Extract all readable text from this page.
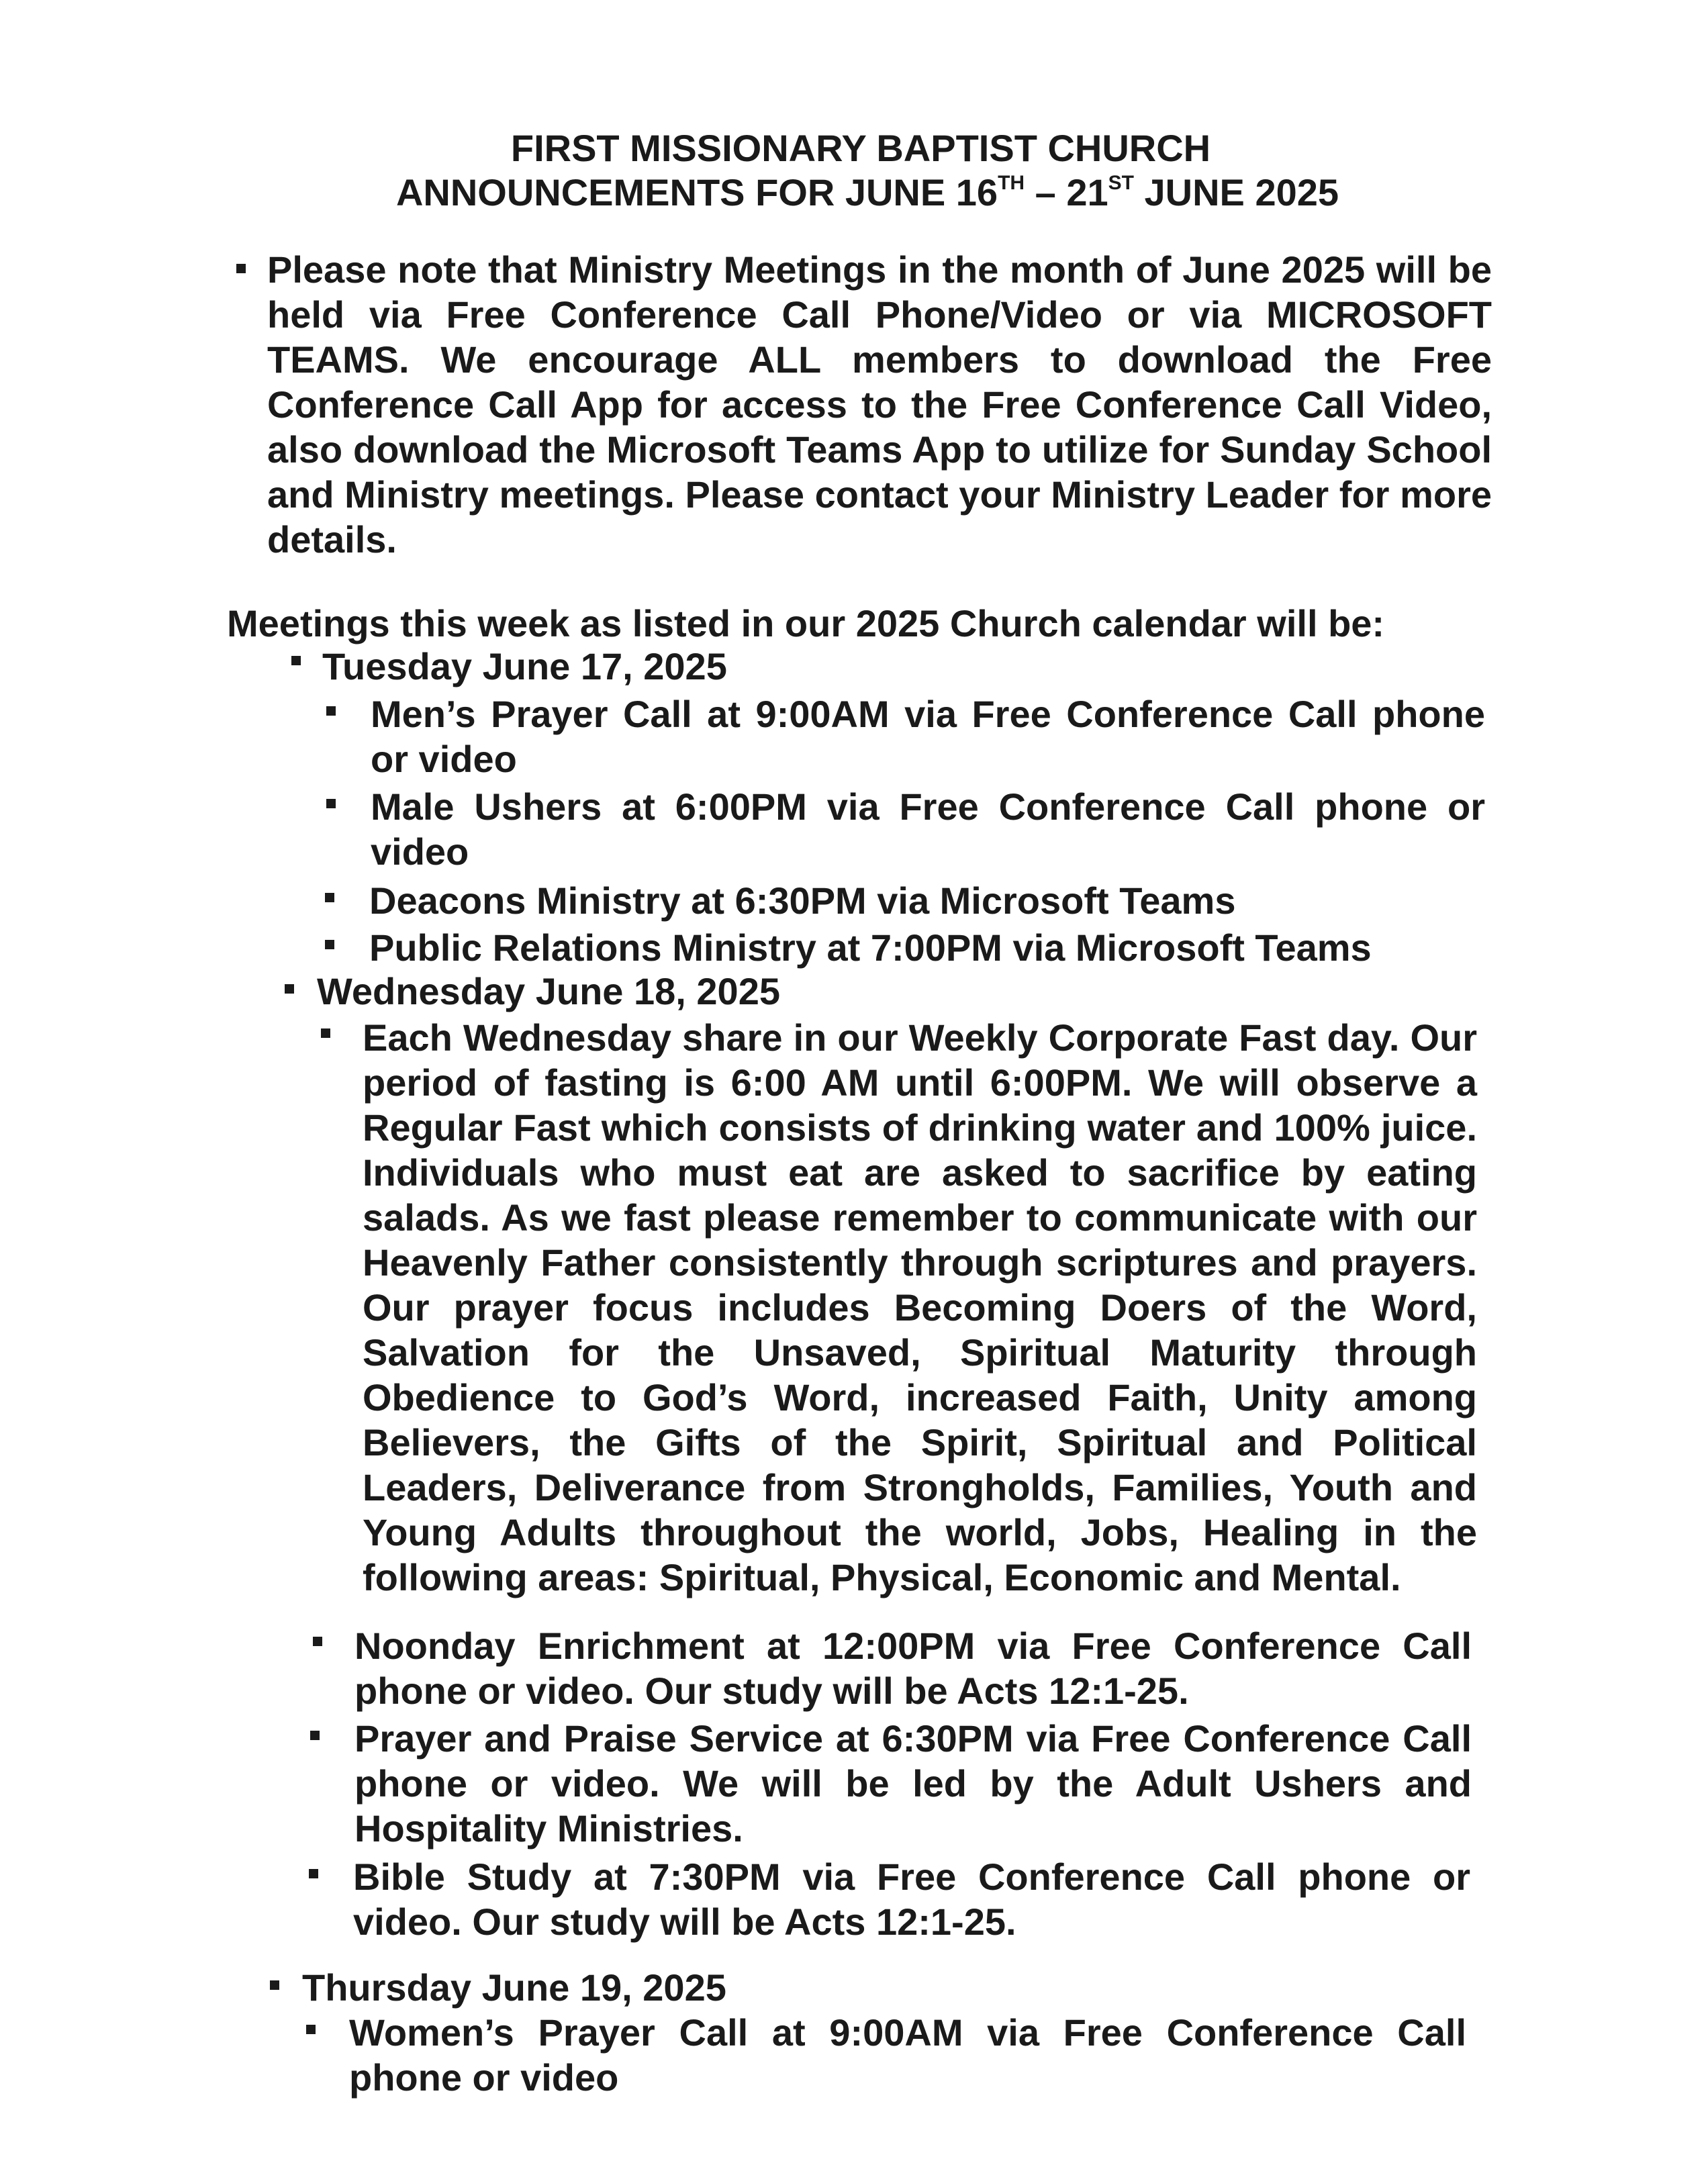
FIRST MISSIONARY BAPTIST CHURCH
ANNOUNCEMENTS FOR JUNE 16TH – 21ST JUNE 2025
Please note that Ministry Meetings in the month of June 2025 will be held via Free Conference Call Phone/Video or via MICROSOFT TEAMS. We encourage ALL members to download the Free Conference Call App for access to the Free Conference Call Video, also download the Microsoft Teams App to utilize for Sunday School and Ministry meetings. Please contact your Ministry Leader for more details.
Meetings this week as listed in our 2025 Church calendar will be:
Tuesday June 17, 2025
Men’s Prayer Call at 9:00AM via Free Conference Call phone or video
Male Ushers at 6:00PM via Free Conference Call phone or video
Deacons Ministry at 6:30PM via Microsoft Teams
Public Relations Ministry at 7:00PM via Microsoft Teams
Wednesday June 18, 2025
Each Wednesday share in our Weekly Corporate Fast day. Our period of fasting is 6:00 AM until 6:00PM. We will observe a Regular Fast which consists of drinking water and 100% juice. Individuals who must eat are asked to sacrifice by eating salads. As we fast please remember to communicate with our Heavenly Father consistently through scriptures and prayers. Our prayer focus includes Becoming Doers of the Word, Salvation for the Unsaved, Spiritual Maturity through Obedience to God’s Word, increased Faith, Unity among Believers, the Gifts of the Spirit, Spiritual and Political Leaders, Deliverance from Strongholds, Families, Youth and Young Adults throughout the world, Jobs, Healing in the following areas: Spiritual, Physical, Economic and Mental.
Noonday Enrichment at 12:00PM via Free Conference Call phone or video. Our study will be Acts 12:1-25.
Prayer and Praise Service at 6:30PM via Free Conference Call phone or video. We will be led by the Adult Ushers and Hospitality Ministries.
Bible Study at 7:30PM via Free Conference Call phone or video. Our study will be Acts 12:1-25.
Thursday June 19, 2025
Women’s Prayer Call at 9:00AM via Free Conference Call phone or video
